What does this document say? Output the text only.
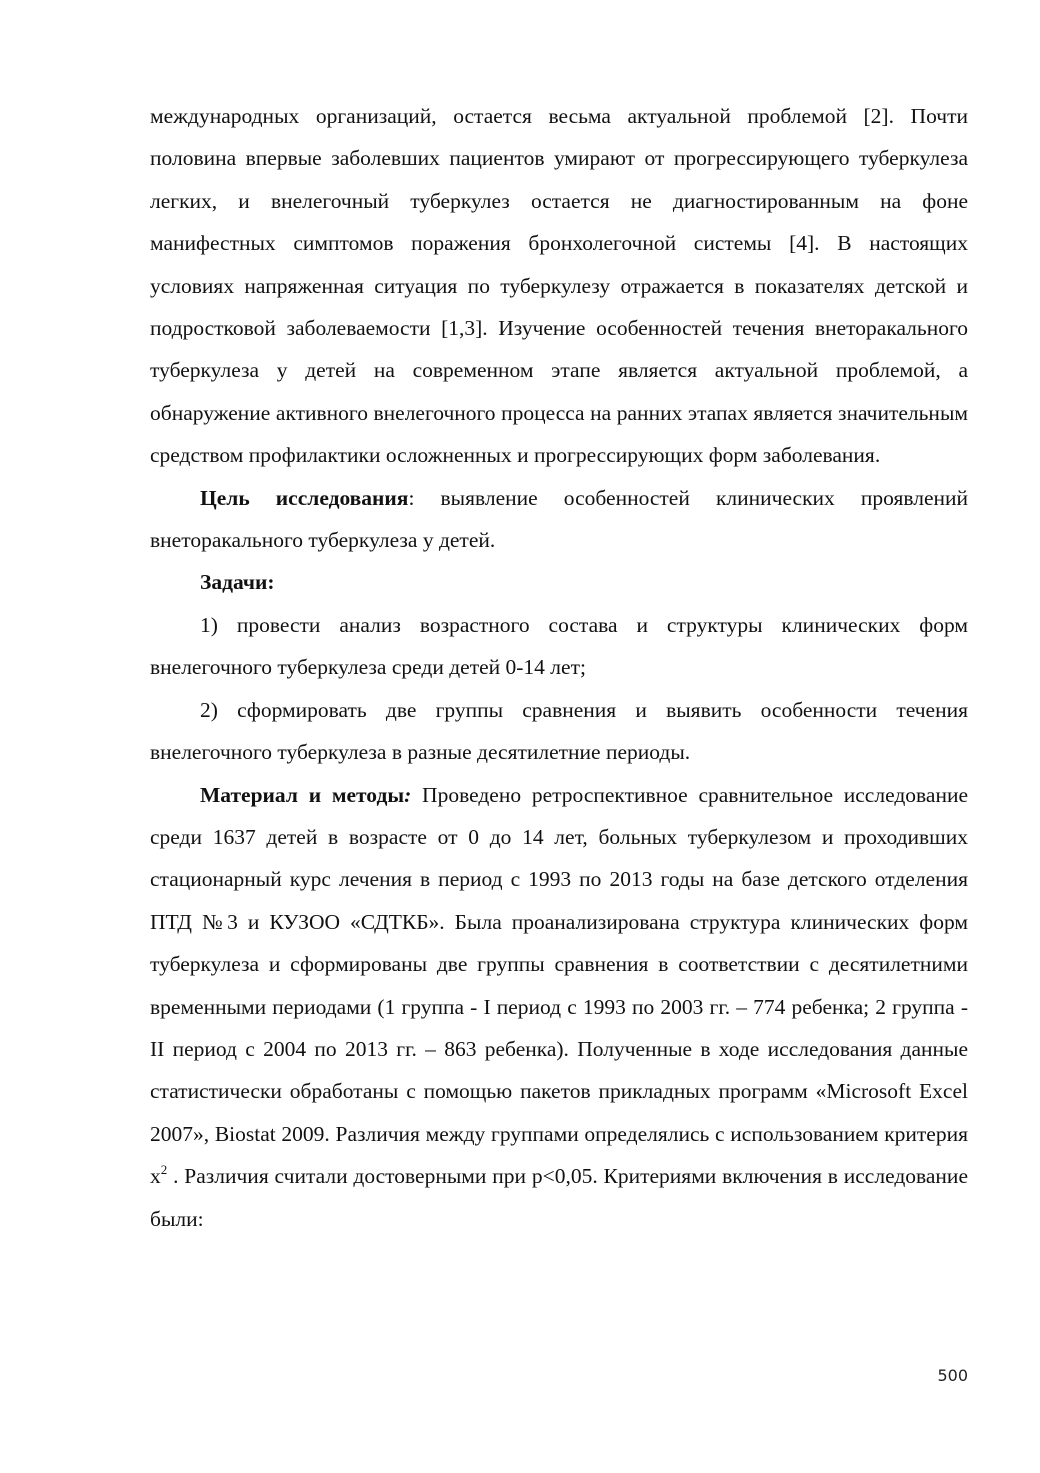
международных организаций, остается весьма актуальной проблемой [2]. Почти половина впервые заболевших пациентов умирают от прогрессирующего туберкулеза легких, и внелегочный туберкулез остается не диагностированным на фоне манифестных симптомов поражения бронхолегочной системы [4]. В настоящих условиях напряженная ситуация по туберкулезу отражается в показателях детской и подростковой заболеваемости [1,3]. Изучение особенностей течения внеторакального туберкулеза у детей на современном этапе является актуальной проблемой, а обнаружение активного внелегочного процесса на ранних этапах является значительным средством профилактики осложненных и прогрессирующих форм заболевания.

Цель исследования: выявление особенностей клинических проявлений внеторакального туберкулеза у детей.

Задачи:

1) провести анализ возрастного состава и структуры клинических форм внелегочного туберкулеза среди детей 0-14 лет;

2) сформировать две группы сравнения и выявить особенности течения внелегочного туберкулеза в разные десятилетние периоды.

Материал и методы: Проведено ретроспективное сравнительное исследование среди 1637 детей в возрасте от 0 до 14 лет, больных туберкулезом и проходивших стационарный курс лечения в период с 1993 по 2013 годы на базе детского отделения ПТД №3 и КУЗОО «СДТКБ». Была проанализирована структура клинических форм туберкулеза и сформированы две группы сравнения в соответствии с десятилетними временными периодами (1 группа - I период с 1993 по 2003 гг. – 774 ребенка; 2 группа - II период с 2004 по 2013 гг. – 863 ребенка). Полученные в ходе исследования данные статистически обработаны с помощью пакетов прикладных программ «Microsoft Excel 2007», Biostat 2009. Различия между группами определялись с использованием критерия $х^2$ . Различия считали достоверными при p<0,05. Критериями включения в исследование были:

500
